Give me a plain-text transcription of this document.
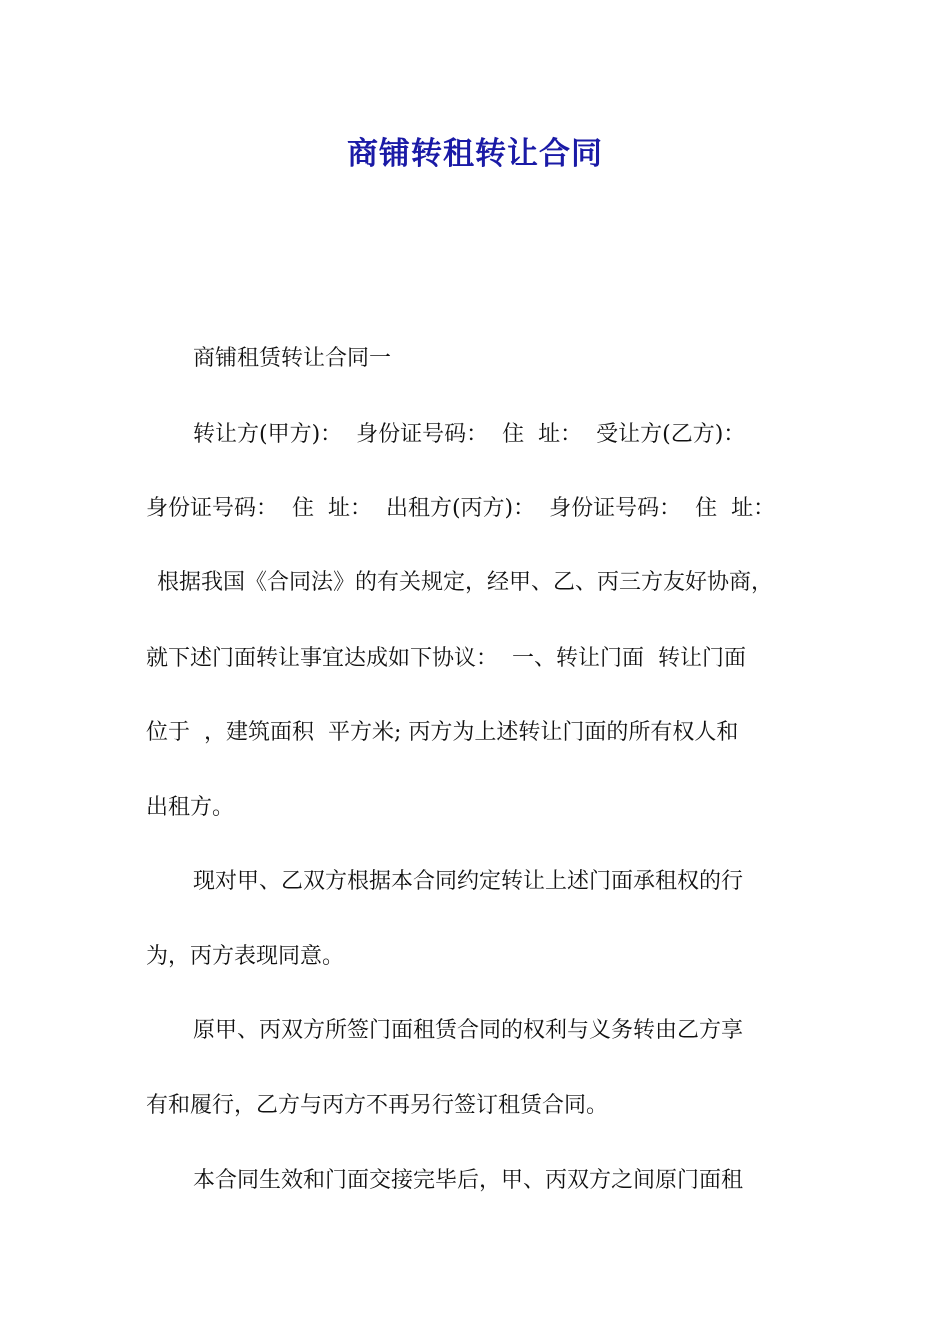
商铺转租转让合同

商铺租赁转让合同一

转让方(甲方)：  身份证号码：  住  址：  受让方(乙方)：

身份证号码：  住  址：  出租方(丙方)：  身份证号码：  住  址：

根据我国《合同法》的有关规定，经甲、乙、丙三方友好协商，

就下述门面转让事宜达成如下协议：  一、转让门面  转让门面

位于  ，建筑面积  平方米; 丙方为上述转让门面的所有权人和

出租方。

现对甲、乙双方根据本合同约定转让上述门面承租权的行

为，丙方表现同意。

原甲、丙双方所签门面租赁合同的权利与义务转由乙方享

有和履行，乙方与丙方不再另行签订租赁合同。

本合同生效和门面交接完毕后，甲、丙双方之间原门面租
